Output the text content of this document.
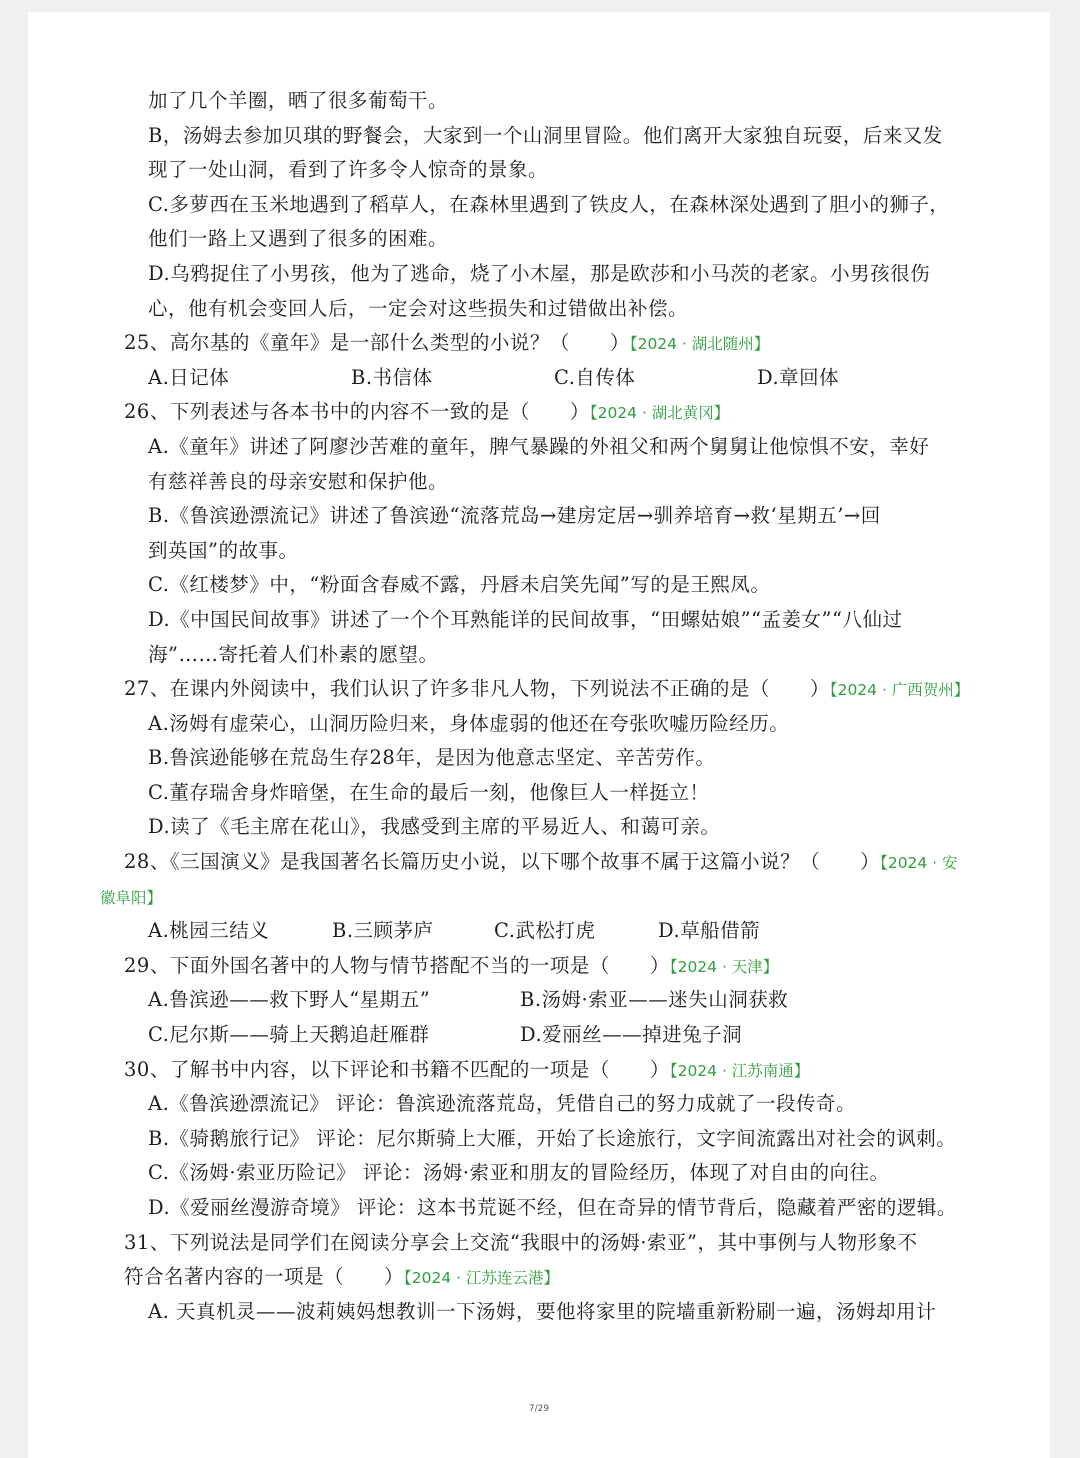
加了几个羊圈，晒了很多葡萄干。
B，汤姆去参加贝琪的野餐会，大家到一个山洞里冒险。他们离开大家独自玩耍，后来又发
现了一处山洞，看到了许多令人惊奇的景象。
C.多萝西在玉米地遇到了稻草人，在森林里遇到了铁皮人，在森林深处遇到了胆小的狮子，
他们一路上又遇到了很多的困难。
D.乌鸦捉住了小男孩，他为了逃命，烧了小木屋，那是欧莎和小马茨的老家。小男孩很伤
心，他有机会变回人后，一定会对这些损失和过错做出补偿。
25、高尔基的《童年》是一部什么类型的小说？（　　）【2024 · 湖北随州】
A.日记体	B.书信体	C.自传体	D.章回体
26、下列表述与各本书中的内容不一致的是（　　）【2024 · 湖北黄冈】
A.《童年》讲述了阿廖沙苦难的童年，脾气暴躁的外祖父和两个舅舅让他惊惧不安，幸好
有慈祥善良的母亲安慰和保护他。
B.《鲁滨逊漂流记》讲述了鲁滨逊“流落荒岛→建房定居→驯养培育→救‘星期五’→回
到英国”的故事。
C.《红楼梦》中，“粉面含春威不露，丹唇未启笑先闻”写的是王熙凤。
D.《中国民间故事》讲述了一个个耳熟能详的民间故事，“田螺姑娘”“孟姜女”“八仙过
海”……寄托着人们朴素的愿望。
27、在课内外阅读中，我们认识了许多非凡人物，下列说法不正确的是（　　）【2024 · 广西贺州】
A.汤姆有虚荣心，山洞历险归来，身体虚弱的他还在夸张吹嘘历险经历。
B.鲁滨逊能够在荒岛生存28年，是因为他意志坚定、辛苦劳作。
C.董存瑞舍身炸暗堡，在生命的最后一刻，他像巨人一样挺立！
D.读了《毛主席在花山》，我感受到主席的平易近人、和蔼可亲。
28、《三国演义》是我国著名长篇历史小说，以下哪个故事不属于这篇小说？（　　）【2024 · 安
徽阜阳】
A.桃园三结义	B.三顾茅庐	C.武松打虎	D.草船借箭
29、下面外国名著中的人物与情节搭配不当的一项是（　　）【2024 · 天津】
A.鲁滨逊——救下野人“星期五”	B.汤姆·索亚——迷失山洞获救
C.尼尔斯——骑上天鹅追赶雁群	D.爱丽丝——掉进兔子洞
30、了解书中内容，以下评论和书籍不匹配的一项是（　　）【2024 · 江苏南通】
A.《鲁滨逊漂流记》 评论：鲁滨逊流落荒岛，凭借自己的努力成就了一段传奇。
B.《骑鹅旅行记》 评论：尼尔斯骑上大雁，开始了长途旅行，文字间流露出对社会的讽刺。
C.《汤姆·索亚历险记》 评论：汤姆·索亚和朋友的冒险经历，体现了对自由的向往。
D.《爱丽丝漫游奇境》 评论：这本书荒诞不经，但在奇异的情节背后，隐藏着严密的逻辑。
31、下列说法是同学们在阅读分享会上交流“我眼中的汤姆·索亚”，其中事例与人物形象不
符合名著内容的一项是（　　）【2024 · 江苏连云港】
A. 天真机灵——波莉姨妈想教训一下汤姆，要他将家里的院墙重新粉刷一遍，汤姆却用计
7/29
